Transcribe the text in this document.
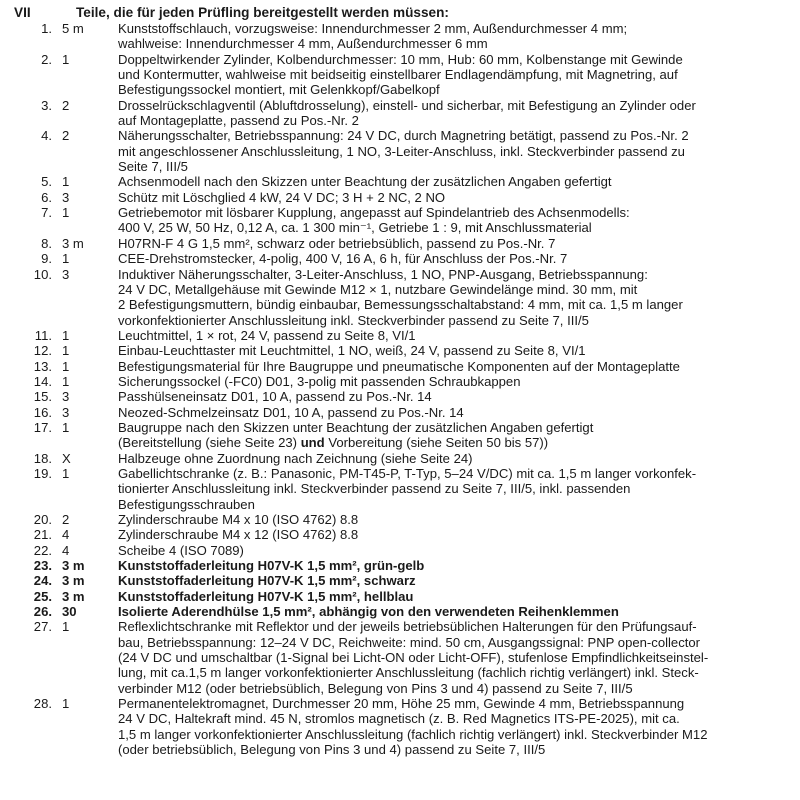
VII	Teile, die für jeden Prüfling bereitgestellt werden müssen:
1. 5 m	Kunststoffschlauch, vorzugsweise: Innendurchmesser 2 mm, Außendurchmesser 4 mm;
wahlweise: Innendurchmesser 4 mm, Außendurchmesser 6 mm
2. 1	Doppeltwirkender Zylinder, Kolbendurchmesser: 10 mm, Hub: 60 mm, Kolbenstange mit Gewinde
und Kontermutter, wahlweise mit beidseitig einstellbarer Endlagendämpfung, mit Magnetring, auf
Befestigungssockel montiert, mit Gelenkkopf/Gabelkopf
3. 2	Drosselrückschlagventil (Abluftdrosselung), einstell- und sicherbar, mit Befestigung an Zylinder oder
auf Montageplatte, passend zu Pos.-Nr. 2
4. 2	Näherungsschalter, Betriebsspannung: 24 V DC, durch Magnetring betätigt, passend zu Pos.-Nr. 2
mit angeschlossener Anschlussleitung, 1 NO, 3-Leiter-Anschluss, inkl. Steckverbinder passend zu
Seite 7, III/5
5. 1	Achsenmodell nach den Skizzen unter Beachtung der zusätzlichen Angaben gefertigt
6. 3	Schütz mit Löschglied 4 kW, 24 V DC; 3 H + 2 NC, 2 NO
7. 1	Getriebemotor mit lösbarer Kupplung, angepasst auf Spindelantrieb des Achsenmodells:
400 V, 25 W, 50 Hz, 0,12 A, ca. 1 300 min⁻¹, Getriebe 1 : 9, mit Anschlussmaterial
8. 3 m	H07RN-F 4 G 1,5 mm², schwarz oder betriebsüblich, passend zu Pos.-Nr. 7
9. 1	CEE-Drehstromstecker, 4-polig, 400 V, 16 A, 6 h, für Anschluss der Pos.-Nr. 7
10. 3	Induktiver Näherungsschalter, 3-Leiter-Anschluss, 1 NO, PNP-Ausgang, Betriebsspannung:
24 V DC, Metallgehäuse mit Gewinde M12 × 1, nutzbare Gewindelänge mind. 30 mm, mit
2 Befestigungsmuttern, bündig einbaubar, Bemessungsschaltabstand: 4 mm, mit ca. 1,5 m langer
vorkonfektionierter Anschlussleitung inkl. Steckverbinder passend zu Seite 7, III/5
11. 1	Leuchtmittel, 1 × rot, 24 V, passend zu Seite 8, VI/1
12. 1	Einbau-Leuchttaster mit Leuchtmittel, 1 NO, weiß, 24 V, passend zu Seite 8, VI/1
13. 1	Befestigungsmaterial für Ihre Baugruppe und pneumatische Komponenten auf der Montageplatte
14. 1	Sicherungssockel (-FC0) D01, 3-polig mit passenden Schraubkappen
15. 3	Passhülseneinsatz D01, 10 A, passend zu Pos.-Nr. 14
16. 3	Neozed-Schmelzeinsatz D01, 10 A, passend zu Pos.-Nr. 14
17. 1	Baugruppe nach den Skizzen unter Beachtung der zusätzlichen Angaben gefertigt
(Bereitstellung (siehe Seite 23) und Vorbereitung (siehe Seiten 50 bis 57))
18. X	Halbzeuge ohne Zuordnung nach Zeichnung (siehe Seite 24)
19. 1	Gabellichtschranke (z. B.: Panasonic, PM-T45-P, T-Typ, 5–24 V/DC) mit ca. 1,5 m langer vorkonfek-
tionierter Anschlussleitung inkl. Steckverbinder passend zu Seite 7, III/5, inkl. passenden
Befestigungsschrauben
20. 2	Zylinderschraube M4 x 10 (ISO 4762) 8.8
21. 4	Zylinderschraube M4 x 12 (ISO 4762) 8.8
22. 4	Scheibe 4 (ISO 7089)
23. 3 m	Kunststoffaderleitung H07V-K 1,5 mm², grün-gelb
24. 3 m	Kunststoffaderleitung H07V-K 1,5 mm², schwarz
25. 3 m	Kunststoffaderleitung H07V-K 1,5 mm², hellblau
26. 30	Isolierte Aderendhülse 1,5 mm², abhängig von den verwendeten Reihenklemmen
27. 1	Reflexlichtschranke mit Reflektor und der jeweils betriebsüblichen Halterungen für den Prüfungsauf-
bau, Betriebsspannung: 12–24 V DC, Reichweite: mind. 50 cm, Ausgangssignal: PNP open-collector
(24 V DC und umschaltbar (1-Signal bei Licht-ON oder Licht-OFF), stufenlose Empfindlichkeitseinstel-
lung, mit ca.1,5 m langer vorkonfektionierter Anschlussleitung (fachlich richtig verlängert) inkl. Steck-
verbinder M12 (oder betriebsüblich, Belegung von Pins 3 und 4) passend zu Seite 7, III/5
28. 1	Permanentelektromagnet, Durchmesser 20 mm, Höhe 25 mm, Gewinde 4 mm, Betriebsspannung
24 V DC, Haltekraft mind. 45 N, stromlos magnetisch (z. B. Red Magnetics ITS-PE-2025), mit ca.
1,5 m langer vorkonfektionierter Anschlussleitung (fachlich richtig verlängert) inkl. Steckverbinder M12
(oder betriebsüblich, Belegung von Pins 3 und 4) passend zu Seite 7, III/5
